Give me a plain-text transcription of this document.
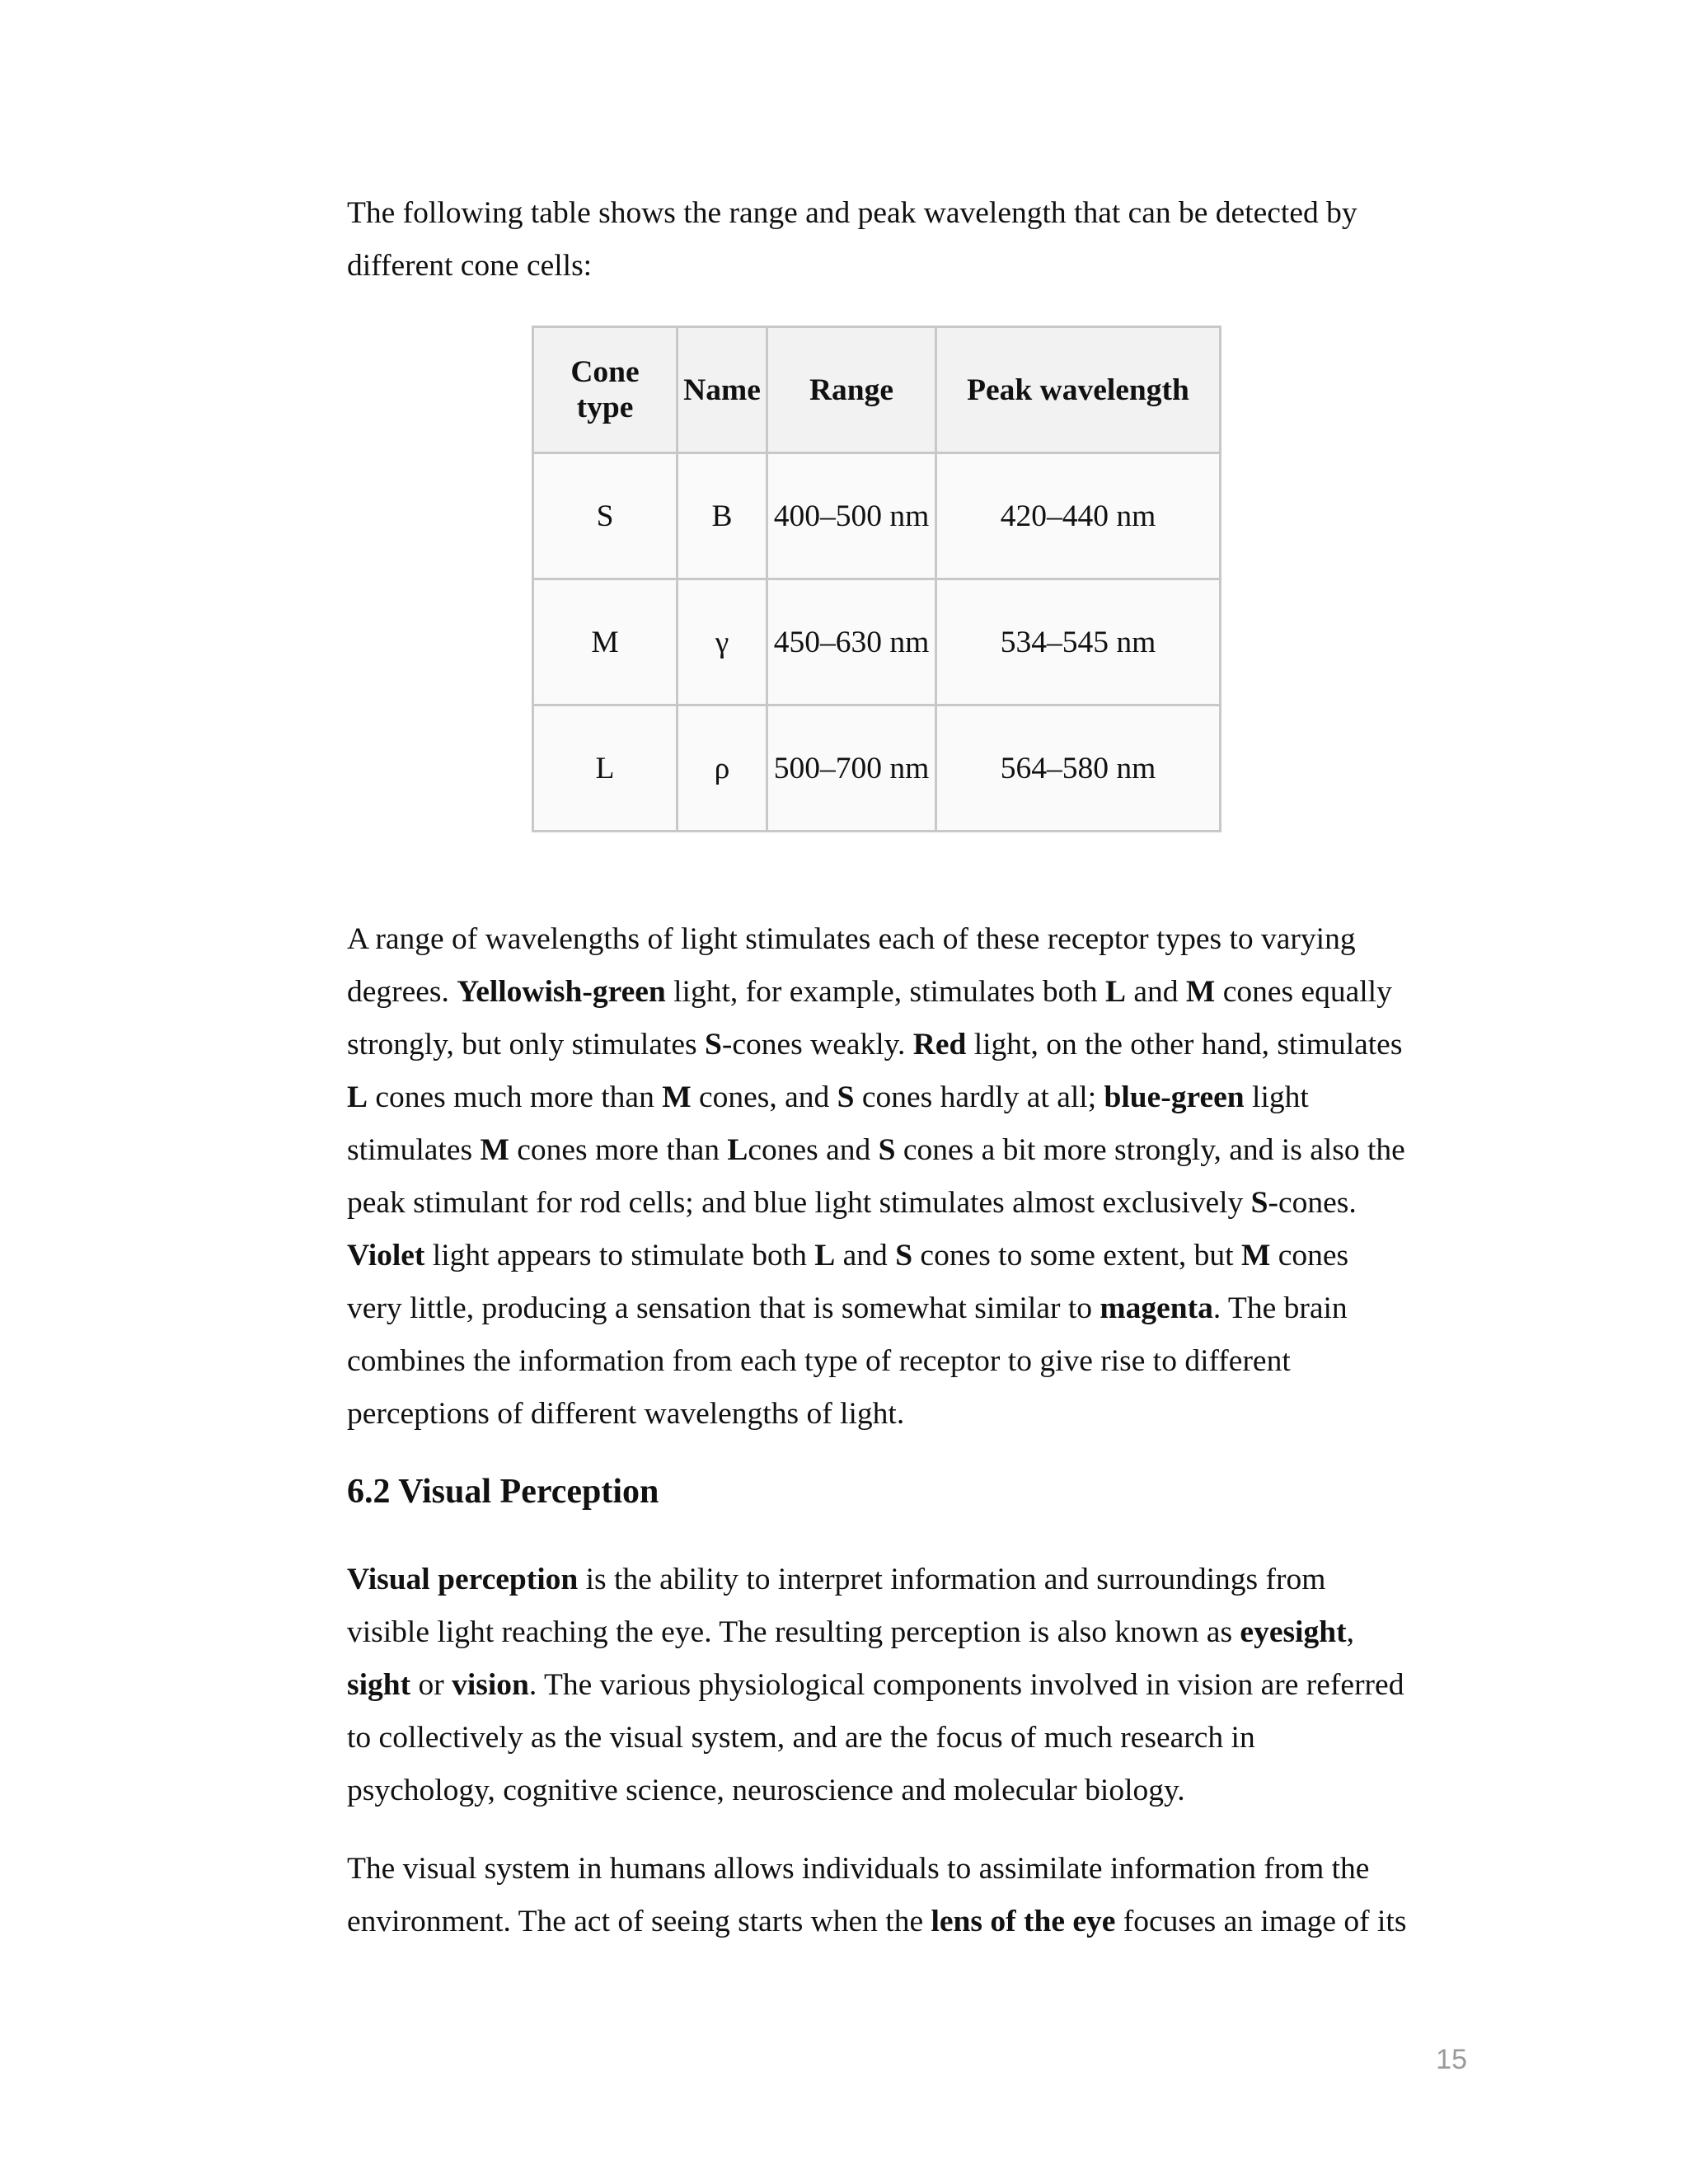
The following table shows the range and peak wavelength that can be detected by different cone cells:

Cone type	Name	Range	Peak wavelength
S	B	400–500 nm	420–440 nm
M	γ	450–630 nm	534–545 nm
L	ρ	500–700 nm	564–580 nm

A range of wavelengths of light stimulates each of these receptor types to varying degrees. Yellowish-green light, for example, stimulates both L and M cones equally strongly, but only stimulates S-cones weakly. Red light, on the other hand, stimulates L cones much more than M cones, and S cones hardly at all; blue-green light stimulates M cones more than Lcones and S cones a bit more strongly, and is also the peak stimulant for rod cells; and blue light stimulates almost exclusively S-cones. Violet light appears to stimulate both L and S cones to some extent, but M cones very little, producing a sensation that is somewhat similar to magenta. The brain combines the information from each type of receptor to give rise to different perceptions of different wavelengths of light.

6.2 Visual Perception

Visual perception is the ability to interpret information and surroundings from visible light reaching the eye. The resulting perception is also known as eyesight, sight or vision. The various physiological components involved in vision are referred to collectively as the visual system, and are the focus of much research in psychology, cognitive science, neuroscience and molecular biology.

The visual system in humans allows individuals to assimilate information from the environment. The act of seeing starts when the lens of the eye focuses an image of its

15
